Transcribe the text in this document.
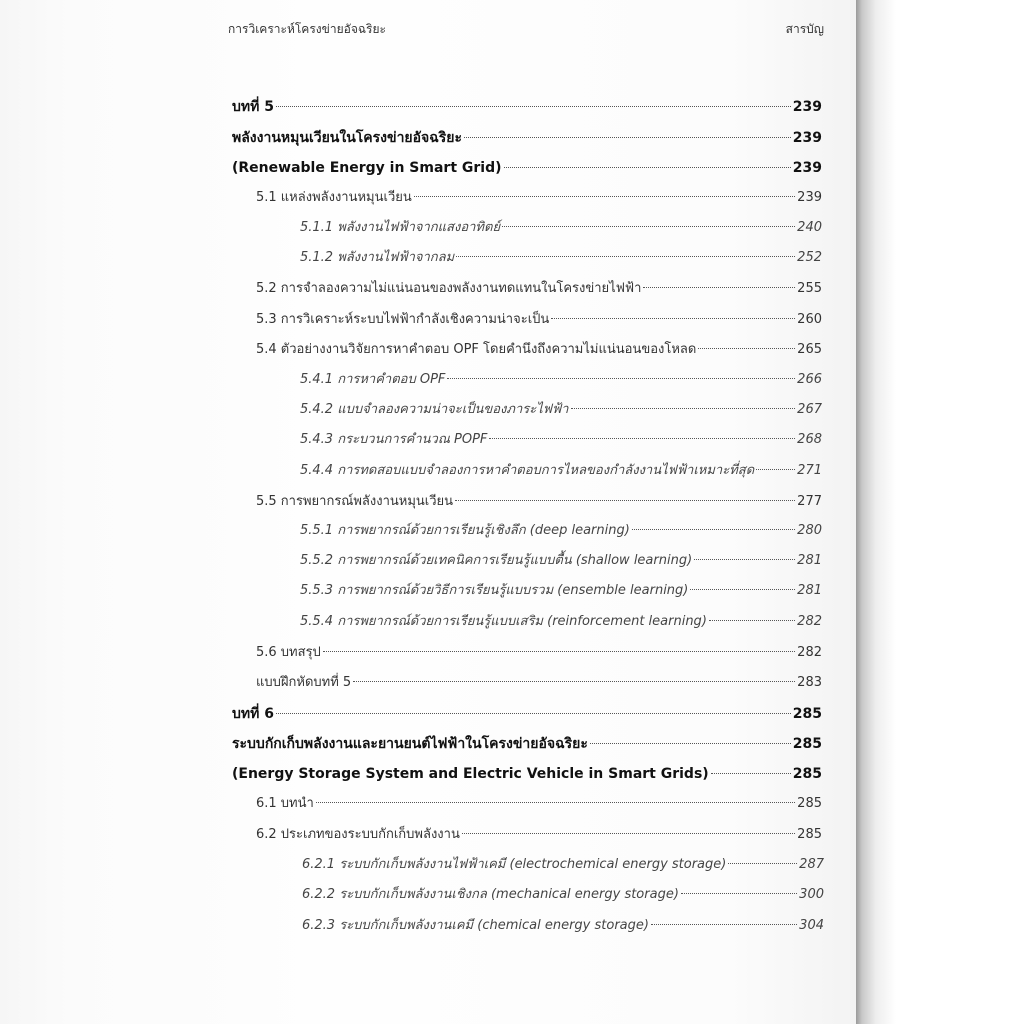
การวิเคราะห์โครงข่ายอัจฉริยะ	สารบัญ
บทที่ 5	239
พลังงานหมุนเวียนในโครงข่ายอัจฉริยะ	239
(Renewable Energy in Smart Grid)	239
5.1 แหล่งพลังงานหมุนเวียน	239
5.1.1 พลังงานไฟฟ้าจากแสงอาทิตย์	240
5.1.2 พลังงานไฟฟ้าจากลม	252
5.2 การจำลองความไม่แน่นอนของพลังงานทดแทนในโครงข่ายไฟฟ้า	255
5.3 การวิเคราะห์ระบบไฟฟ้ากำลังเชิงความน่าจะเป็น	260
5.4 ตัวอย่างงานวิจัยการหาคำตอบ OPF โดยคำนึงถึงความไม่แน่นอนของโหลด	265
5.4.1 การหาคำตอบ OPF	266
5.4.2 แบบจำลองความน่าจะเป็นของภาระไฟฟ้า	267
5.4.3 กระบวนการคำนวณ POPF	268
5.4.4 การทดสอบแบบจำลองการหาคำตอบการไหลของกำลังงานไฟฟ้าเหมาะที่สุด	271
5.5 การพยากรณ์พลังงานหมุนเวียน	277
5.5.1 การพยากรณ์ด้วยการเรียนรู้เชิงลึก (deep learning)	280
5.5.2 การพยากรณ์ด้วยเทคนิคการเรียนรู้แบบตื้น (shallow learning)	281
5.5.3 การพยากรณ์ด้วยวิธีการเรียนรู้แบบรวม (ensemble learning)	281
5.5.4 การพยากรณ์ด้วยการเรียนรู้แบบเสริม (reinforcement learning)	282
5.6 บทสรุป	282
แบบฝึกหัดบทที่ 5	283
บทที่ 6	285
ระบบกักเก็บพลังงานและยานยนต์ไฟฟ้าในโครงข่ายอัจฉริยะ	285
(Energy Storage System and Electric Vehicle in Smart Grids)	285
6.1 บทนำ	285
6.2 ประเภทของระบบกักเก็บพลังงาน	285
6.2.1 ระบบกักเก็บพลังงานไฟฟ้าเคมี (electrochemical energy storage)	287
6.2.2 ระบบกักเก็บพลังงานเชิงกล (mechanical energy storage)	300
6.2.3 ระบบกักเก็บพลังงานเคมี (chemical energy storage)	304
